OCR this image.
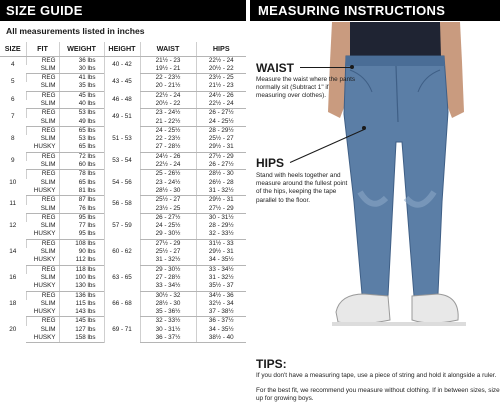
SIZE GUIDE	MEASURING INSTRUCTIONS
All measurements listed in inches
SIZE	FIT	WEIGHT	HEIGHT	WAIST	HIPS
4	REG	36 lbs	40 - 42	21½ - 23	22½ - 24
	SLIM	30 lbs		19½ - 21	20½ - 22
5	REG	41 lbs	43 - 45	22 - 23½	23½ - 25
	SLIM	35 lbs		20 - 21½	21½ - 23
6	REG	45 lbs	46 - 48	22½ - 24	24½ - 26
	SLIM	40 lbs		20½ - 22	22½ - 24
7	REG	53 lbs	49 - 51	23 - 24½	26 - 27½
	SLIM	49 lbs		21 - 22½	24 - 25½
8	REG	65 lbs	51 - 53	24 - 25½	28 - 29½
	SLIM	53 lbs		22 - 23½	25½ - 27
	HUSKY	65 lbs		27 - 28½	29½ - 31
9	REG	72 lbs	53 - 54	24½ - 26	27½ - 29
	SLIM	60 lbs		22½ - 24	26 - 27½
10	REG	78 lbs	54 - 56	25 - 26½	28½ - 30
	SLIM	65 lbs		23 - 24½	26½ - 28
	HUSKY	81 lbs		28½ - 30	31 - 32½
11	REG	87 lbs	56 - 58	25½ - 27	29½ - 31
	SLIM	76 lbs		23½ - 25	27½ - 29
12	REG	95 lbs	57 - 59	26 - 27½	30 - 31½
	SLIM	77 lbs		24 - 25½	28 - 29½
	HUSKY	95 lbs		29 - 30½	32 - 33½
14	REG	108 lbs	60 - 62	27½ - 29	31½ - 33
	SLIM	90 lbs		25½ - 27	29½ - 31
	HUSKY	112 lbs		31 - 32½	34 - 35½
16	REG	118 lbs	63 - 65	29 - 30½	33 - 34½
	SLIM	100 lbs		27 - 28½	31 - 32½
	HUSKY	130 lbs		33 - 34½	35½ - 37
18	REG	136 lbs	66 - 68	30½ - 32	34½ - 36
	SLIM	115 lbs		28½ - 30	32½ - 34
	HUSKY	143 lbs		35 - 36½	37 - 38½
20	REG	145 lbs	69 - 71	32 - 33½	36 - 37½
	SLIM	127 lbs		30 - 31½	34 - 35½
	HUSKY	158 lbs		36 - 37½	38½ - 40
WAIST
Measure the waist where the pants normally sit (Subtract 1" if measuring over clothes).
HIPS
Stand with heels together and measure around the fullest point of the hips, keeping the tape parallel to the floor.
TIPS:
If you don't have a measuring tape, use a piece of string and hold it alongside a ruler.
For the best fit, we recommend you measure without clothing. If in between sizes, size up for growing boys.
